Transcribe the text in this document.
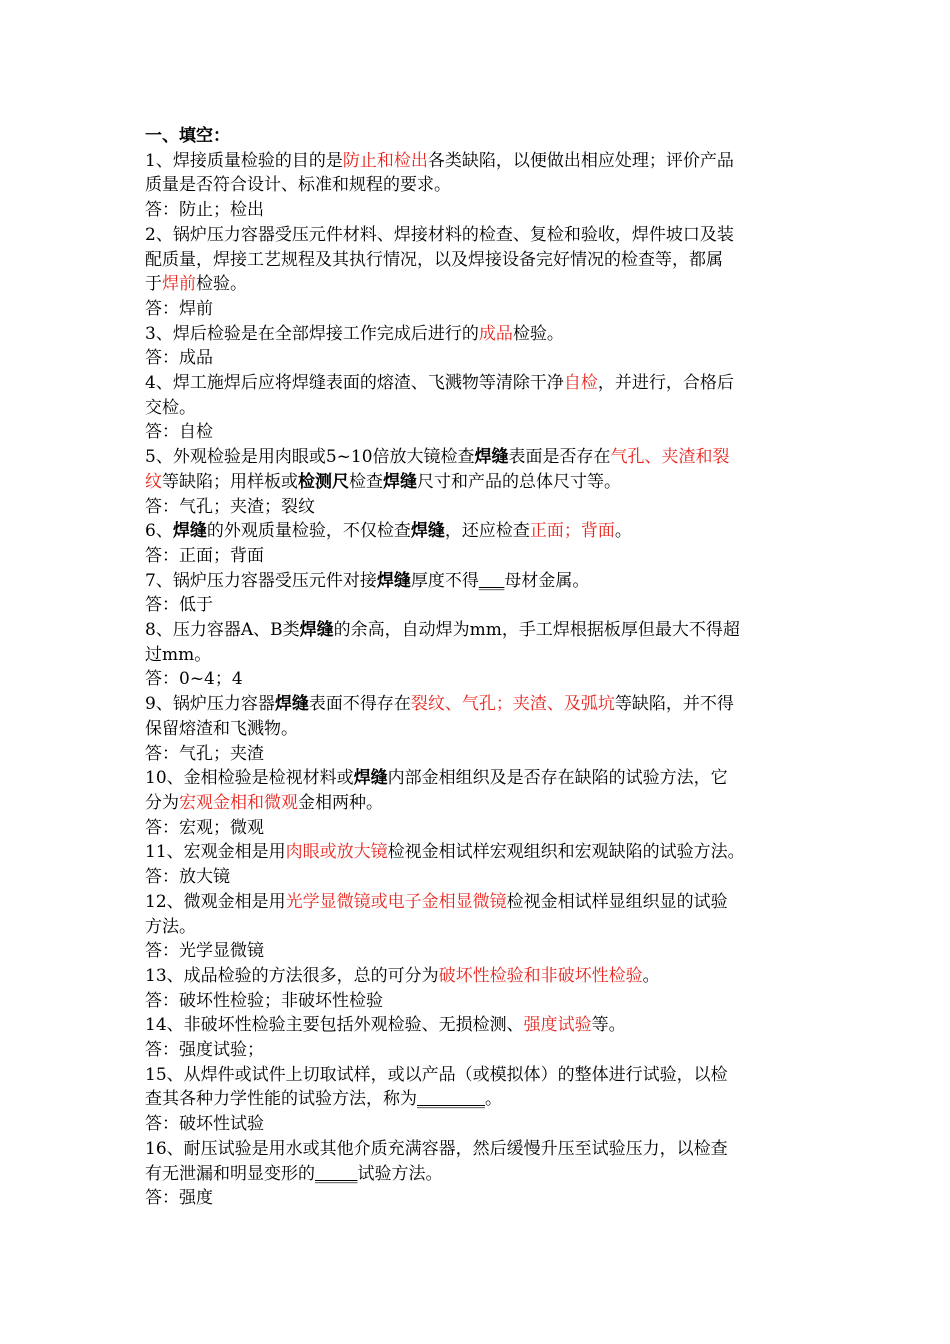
一、填空：
1、焊接质量检验的目的是防止和检出各类缺陷，以便做出相应处理；评价产品
质量是否符合设计、标准和规程的要求。
答：防止；检出
2、锅炉压力容器受压元件材料、焊接材料的检查、复检和验收，焊件坡口及装
配质量，焊接工艺规程及其执行情况，以及焊接设备完好情况的检查等，都属
于焊前检验。
答：焊前
3、焊后检验是在全部焊接工作完成后进行的成品检验。
答：成品
4、焊工施焊后应将焊缝表面的熔渣、飞溅物等清除干净自检，并进行，合格后
交检。
答：自检
5、外观检验是用肉眼或5~10倍放大镜检查焊缝表面是否存在气孔、夹渣和裂
纹等缺陷；用样板或检测尺检查焊缝尺寸和产品的总体尺寸等。
答：气孔；夹渣；裂纹
6、焊缝的外观质量检验，不仅检查焊缝，还应检查正面；背面。
答：正面；背面
7、锅炉压力容器受压元件对接焊缝厚度不得___母材金属。
答：低于
8、压力容器A、B类焊缝的余高，自动焊为mm，手工焊根据板厚但最大不得超
过mm。
答：0~4；4
9、锅炉压力容器焊缝表面不得存在裂纹、气孔；夹渣、及弧坑等缺陷，并不得
保留熔渣和飞溅物。
答：气孔；夹渣
10、金相检验是检视材料或焊缝内部金相组织及是否存在缺陷的试验方法，它
分为宏观金相和微观金相两种。
答：宏观；微观
11、宏观金相是用肉眼或放大镜检视金相试样宏观组织和宏观缺陷的试验方法。
答：放大镜
12、微观金相是用光学显微镜或电子金相显微镜检视金相试样显组织显的试验
方法。
答：光学显微镜
13、成品检验的方法很多，总的可分为破坏性检验和非破坏性检验。
答：破坏性检验；非破坏性检验
14、非破坏性检验主要包括外观检验、无损检测、强度试验等。
答：强度试验；
15、从焊件或试件上切取试样，或以产品（或模拟体）的整体进行试验，以检
查其各种力学性能的试验方法，称为________。
答：破坏性试验
16、耐压试验是用水或其他介质充满容器，然后缓慢升压至试验压力，以检查
有无泄漏和明显变形的_____试验方法。
答：强度
